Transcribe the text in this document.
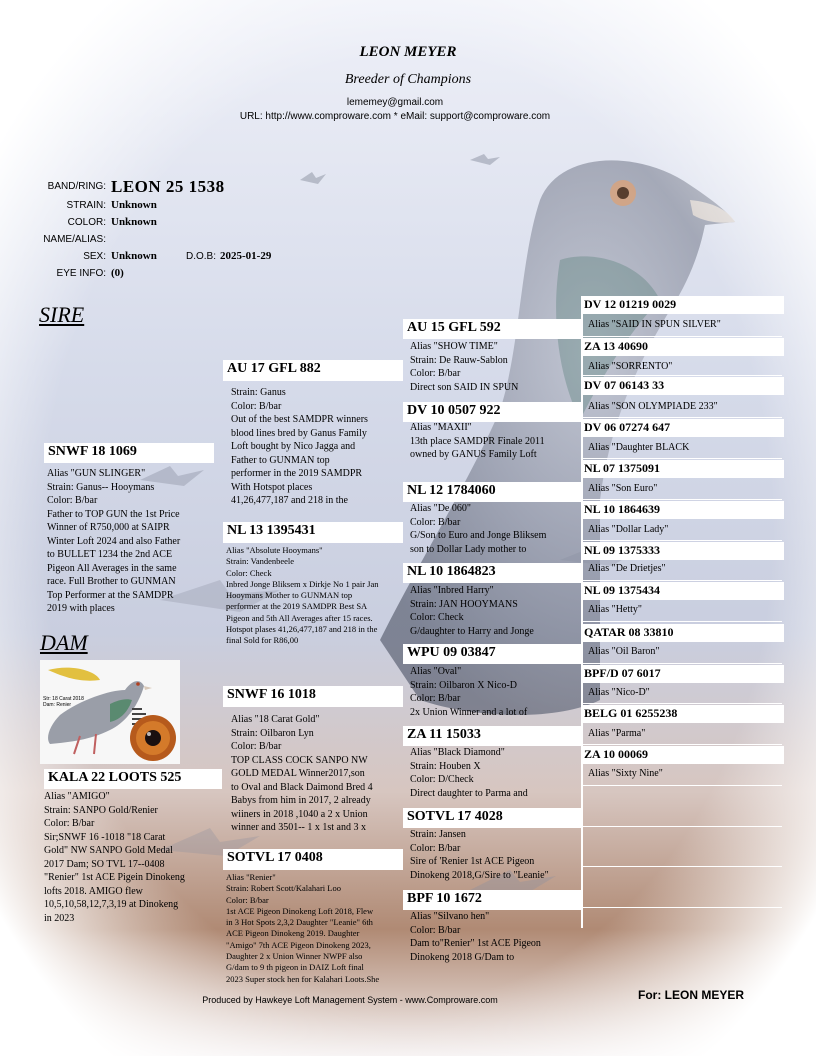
LEON MEYER
Breeder of Champions
lememey@gmail.com
URL: http://www.comproware.com * eMail: support@comproware.com
BAND/RING: LEON 25 1538
STRAIN: Unknown
COLOR: Unknown
NAME/ALIAS:
SEX: Unknown	D.O.B: 2025-01-29
EYE INFO: (0)
SIRE
SNWF 18 1069
Alias "GUN SLINGER"
Strain: Ganus-- Hooymans
Color: B/bar
Father to TOP GUN the 1st Price
Winner of R750,000 at SAIPR
Winter Loft 2024 and also Father
to BULLET 1234 the 2nd ACE
Pigeon All Averages in the same
race. Full Brother to GUNMAN
Top Performer at the SAMDPR
2019 with places
DAM
Str: 18 Carat 2018
Dam: Renier
KALA 22 LOOTS 525
Alias "AMIGO"
Strain: SANPO Gold/Renier
Color: B/bar
Sir;SNWF 16 -1018 "18 Carat
Gold" NW SANPO Gold Medal
2017 Dam; SO TVL 17--0408
"Renier" 1st ACE Pigein Dinokeng
lofts 2018. AMIGO flew
10,5,10,58,12,7,3,19 at Dinokeng
in 2023
AU 17 GFL 882
Strain: Ganus
Color: B/bar
Out of the best SAMDPR winners
blood lines bred by Ganus Family
Loft bought by Nico Jagga and
Father to GUNMAN top
performer in the 2019 SAMDPR
With Hotspot places
41,26,477,187 and 218 in the
NL 13 1395431
Alias "Absolute Hooymans"
Strain: Vandenbeele
Color: Check
Inbred Jonge Bliksem x Dirkje No 1 pair Jan
Hooymans Mother to GUNMAN top
performer at the 2019 SAMDPR Best SA
Pigeon and 5th All Averages after 15 races.
Hotspot plases 41,26,477,187 and 218 in the
final Sold for R86,00
SNWF 16 1018
Alias "18 Carat Gold"
Strain: Oilbaron Lyn
Color: B/bar
TOP CLASS COCK SANPO NW
GOLD MEDAL Winner2017,son
to Oval and Black Daimond Bred 4
Babys from him in 2017, 2 already
wiiners in 2018 ,1040 a 2 x Union
winner and 3501-- 1 x 1st and 3 x
SOTVL 17 0408
Alias "Renier"
Strain: Robert Scott/Kalahari Loo
Color: B/bar
1st ACE Pigeon Dinokeng Loft 2018, Flew
in 3 Hot Spots 2,3,2 Daughter "Leanie" 6th
ACE Pigeon Dinokeng 2019. Daughter
"Amigo" 7th ACE Pigeon Dinokeng 2023,
Daughter 2 x Union Winner NWPF also
G/dam to 9 th pigeon in DAIZ Loft final
2023 Super stock hen for Kalahari Loots.She
AU 15 GFL 592
Alias "SHOW TIME"
Strain: De Rauw-Sablon
Color: B/bar
Direct son SAID IN SPUN
DV 10 0507 922
Alias "MAXII"
13th place SAMDPR Finale 2011
owned by GANUS Family Loft
NL 12 1784060
Alias "De 060"
Color: B/bar
G/Son to Euro and Jonge Bliksem
son to Dollar Lady mother to
NL 10 1864823
Alias "Inbred Harry"
Strain: JAN HOOYMANS
Color: Check
G/daughter to Harry and Jonge
WPU 09 03847
Alias "Oval"
Strain: Oilbaron X Nico-D
Color: B/bar
2x Union Winner and a lot of
ZA 11 15033
Alias "Black Diamond"
Strain: Houben X
Color: D/Check
Direct daughter to Parma and
SOTVL 17 4028
Strain: Jansen
Color: B/bar
Sire of 'Renier 1st ACE Pigeon
Dinokeng 2018,G/Sire to "Leanie"
BPF 10 1672
Alias "Silvano hen"
Color: B/bar
Dam to"Renier" 1st ACE Pigeon
Dinokeng 2018 G/Dam to
DV 12 01219 0029
Alias "SAID IN SPUN SILVER"
ZA 13 40690
Alias "SORRENTO"
DV 07 06143 33
Alias "SON OLYMPIADE 233"
DV 06 07274 647
Alias "Daughter BLACK
NL 07 1375091
Alias "Son Euro"
NL 10 1864639
Alias "Dollar Lady"
NL 09 1375333
Alias "De Drietjes"
NL 09 1375434
Alias "Hetty"
QATAR 08 33810
Alias "Oil Baron"
BPF/D 07 6017
Alias "Nico-D"
BELG 01 6255238
Alias "Parma"
ZA 10 00069
Alias "Sixty Nine"
Produced by Hawkeye Loft Management System - www.Comproware.com	For: LEON MEYER
